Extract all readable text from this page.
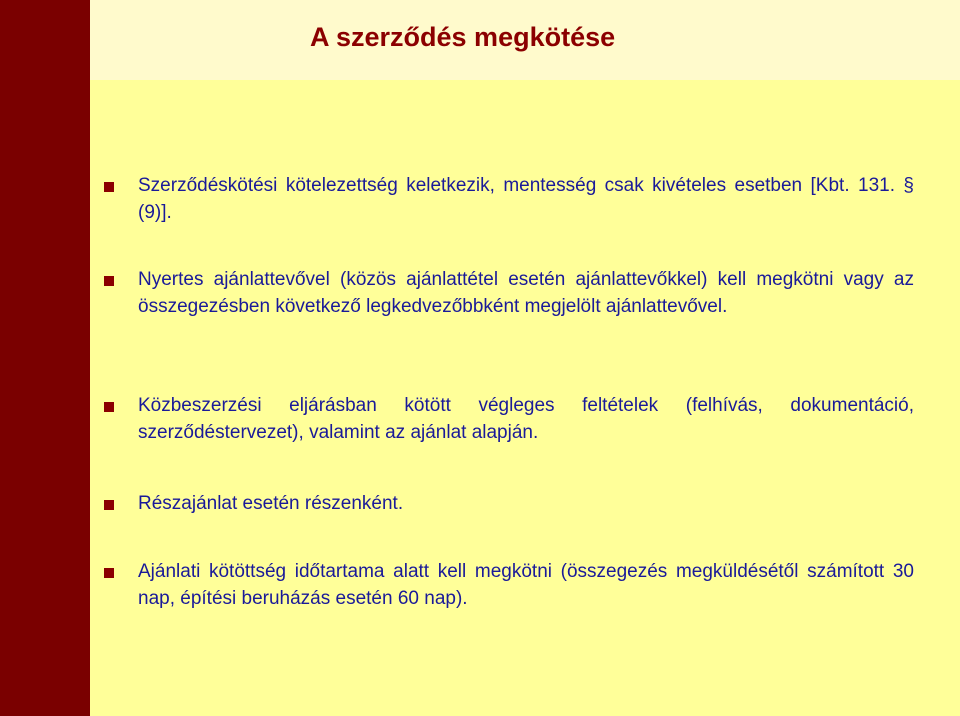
A szerződés megkötése

Szerződéskötési kötelezettség keletkezik, mentesség csak kivételes esetben [Kbt. 131. § (9)].

Nyertes ajánlattevővel (közös ajánlattétel esetén ajánlattevőkkel) kell megkötni vagy az összegezésben következő legkedvezőbbként megjelölt ajánlattevővel.

Közbeszerzési eljárásban kötött végleges feltételek (felhívás, dokumentáció, szerződéstervezet), valamint az ajánlat alapján.

Részajánlat esetén részenként.

Ajánlati kötöttség időtartama alatt kell megkötni (összegezés megküldésétől számított 30 nap, építési beruházás esetén 60 nap).
